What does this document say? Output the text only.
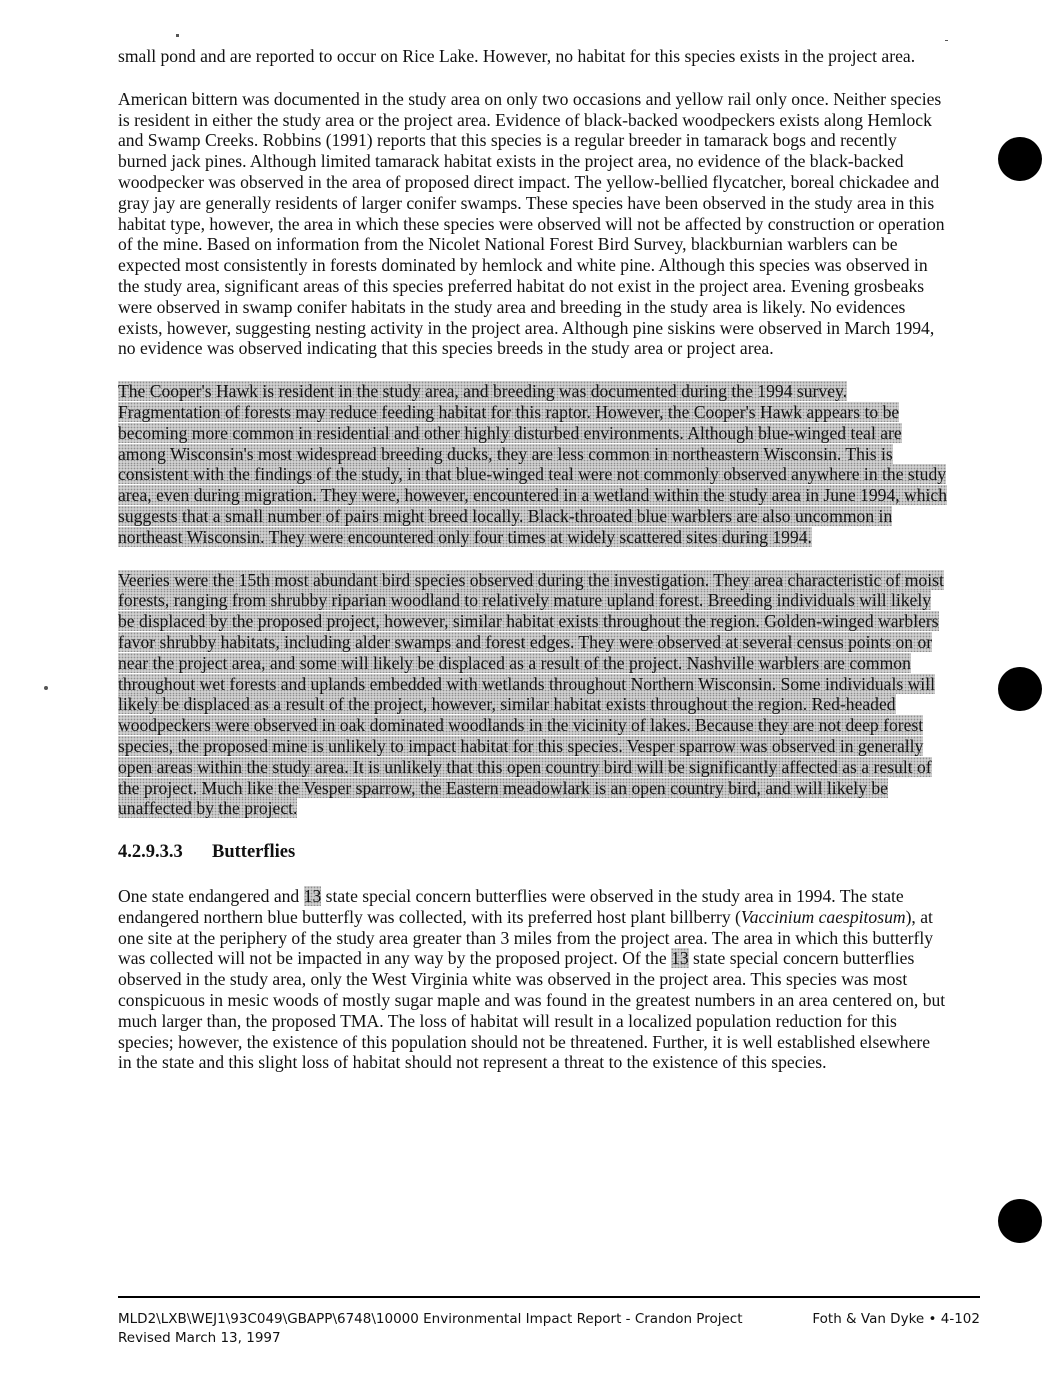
small pond and are reported to occur on Rice Lake. However, no habitat for this species exists in the project area.

American bittern was documented in the study area on only two occasions and yellow rail only once. Neither species is resident in either the study area or the project area. Evidence of black-backed woodpeckers exists along Hemlock and Swamp Creeks. Robbins (1991) reports that this species is a regular breeder in tamarack bogs and recently burned jack pines. Although limited tamarack habitat exists in the project area, no evidence of the black-backed woodpecker was observed in the area of proposed direct impact. The yellow-bellied flycatcher, boreal chickadee and gray jay are generally residents of larger conifer swamps. These species have been observed in the study area in this habitat type, however, the area in which these species were observed will not be affected by construction or operation of the mine. Based on information from the Nicolet National Forest Bird Survey, blackburnian warblers can be expected most consistently in forests dominated by hemlock and white pine. Although this species was observed in the study area, significant areas of this species preferred habitat do not exist in the project area. Evening grosbeaks were observed in swamp conifer habitats in the study area and breeding in the study area is likely. No evidences exists, however, suggesting nesting activity in the project area. Although pine siskins were observed in March 1994, no evidence was observed indicating that this species breeds in the study area or project area.

The Cooper's Hawk is resident in the study area, and breeding was documented during the 1994 survey. Fragmentation of forests may reduce feeding habitat for this raptor. However, the Cooper's Hawk appears to be becoming more common in residential and other highly disturbed environments. Although blue-winged teal are among Wisconsin's most widespread breeding ducks, they are less common in northeastern Wisconsin. This is consistent with the findings of the study, in that blue-winged teal were not commonly observed anywhere in the study area, even during migration. They were, however, encountered in a wetland within the study area in June 1994, which suggests that a small number of pairs might breed locally. Black-throated blue warblers are also uncommon in northeast Wisconsin. They were encountered only four times at widely scattered sites during 1994.

Veeries were the 15th most abundant bird species observed during the investigation. They area characteristic of moist forests, ranging from shrubby riparian woodland to relatively mature upland forest. Breeding individuals will likely be displaced by the proposed project, however, similar habitat exists throughout the region. Golden-winged warblers favor shrubby habitats, including alder swamps and forest edges. They were observed at several census points on or near the project area, and some will likely be displaced as a result of the project. Nashville warblers are common throughout wet forests and uplands embedded with wetlands throughout Northern Wisconsin. Some individuals will likely be displaced as a result of the project, however, similar habitat exists throughout the region. Red-headed woodpeckers were observed in oak dominated woodlands in the vicinity of lakes. Because they are not deep forest species, the proposed mine is unlikely to impact habitat for this species. Vesper sparrow was observed in generally open areas within the study area. It is unlikely that this open country bird will be significantly affected as a result of the project. Much like the Vesper sparrow, the Eastern meadowlark is an open country bird, and will likely be unaffected by the project.

4.2.9.3.3 Butterflies

One state endangered and 13 state special concern butterflies were observed in the study area in 1994. The state endangered northern blue butterfly was collected, with its preferred host plant billberry (Vaccinium caespitosum), at one site at the periphery of the study area greater than 3 miles from the project area. The area in which this butterfly was collected will not be impacted in any way by the proposed project. Of the 13 state special concern butterflies observed in the study area, only the West Virginia white was observed in the project area. This species was most conspicuous in mesic woods of mostly sugar maple and was found in the greatest numbers in an area centered on, but much larger than, the proposed TMA. The loss of habitat will result in a localized population reduction for this species; however, the existence of this population should not be threatened. Further, it is well established elsewhere in the state and this slight loss of habitat should not represent a threat to the existence of this species.

MLD2\LXB\WEJ1\93C049\GBAPP\6748\10000 Environmental Impact Report - Crandon Project
Revised March 13, 1997
Foth & Van Dyke • 4-102
